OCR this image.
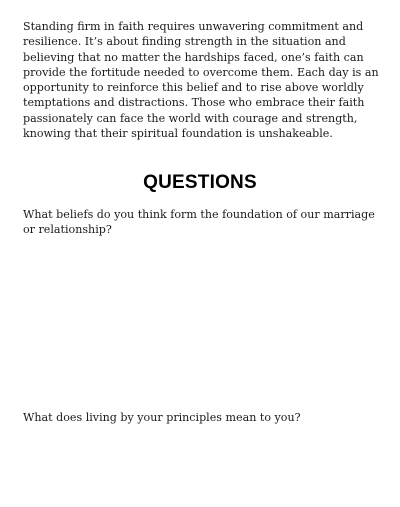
Standing firm in faith requires unwavering commitment and resilience. It’s about finding strength in the situation and believing that no matter the hardships faced, one’s faith can provide the fortitude needed to overcome them. Each day is an opportunity to reinforce this belief and to rise above worldly temptations and distractions. Those who embrace their faith passionately can face the world with courage and strength, knowing that their spiritual foundation is unshakeable.

QUESTIONS

What beliefs do you think form the foundation of our marriage or relationship?

What does living by your principles mean to you?
